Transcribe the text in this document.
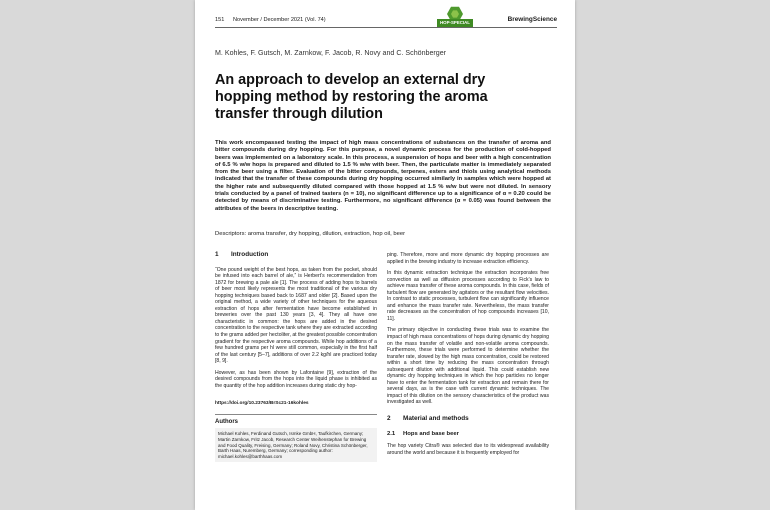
151 November / December 2021 (Vol. 74)	BrewingScience
HOP-SPECIAL
M. Kohles, F. Gutsch, M. Zarnkow, F. Jacob, R. Novy and C. Schönberger
An approach to develop an external dry hopping method by restoring the aroma transfer through dilution

This work encompassed testing the impact of high mass concentrations of substances on the transfer of aroma and bitter compounds during dry hopping. For this purpose, a novel dynamic process for the production of cold-hopped beers was implemented on a laboratory scale. In this process, a suspension of hops and beer with a high concentration of 6.5 % w/w hops is prepared and diluted to 1.5 % w/w with beer. Then, the particulate matter is immediately separated from the beer using a filter. Evaluation of the bitter compounds, terpenes, esters and thiols using analytical methods indicated that the transfer of these compounds during dry hopping occurred similarly in samples which were hopped at the higher rate and subsequently diluted compared with those hopped at 1.5 % w/w but were not diluted. In sensory trials conducted by a panel of trained tasters (n = 10), no significant difference up to a significance of α = 0.20 could be detected by means of discriminative testing. Furthermore, no significant difference (α = 0.05) was found between the attributes of the beers in descriptive testing.

Descriptors: aroma transfer, dry hopping, dilution, extraction, hop oil, beer

1	Introduction

“One pound weight of the best hops, as taken from the pocket, should be infused into each barrel of ale,” is Herbert’s recommendation from 1872 for brewing a pale ale [1]. The process of adding hops to barrels of beer most likely represents the most traditional of the various dry hopping techniques based back to 1687 and older [2]. Based upon the original method, a wide variety of other techniques for the aqueous extraction of hops after fermentation have become established in breweries over the past 130 years [3, 4]. They all have one characteristic in common: the hops are added in the desired concentration to the respective tank where they are extracted according to the grams added per hectoliter, at the greatest possible concentration gradient for the respective aroma compounds. While hop additions of a few hundred grams per hl were still common, especially in the first half of the last century [5–7], additions of over 2.2 kg/hl are practiced today [8, 9].

However, as has been shown by Lafontaine [9], extraction of the desired compounds from the hops into the liquid phase is inhibited as the quantity of the hop addition increases during static dry hop-

https://doi.org/10.23763/BrSc21-16kohles
Authors

Michael Kohles, Ferdinand Gutsch, Ismke GmbH, Taufkirchen, Germany; Martin Zarnkow, Fritz Jacob, Research Center Weihenstephan for Brewing and Food Quality, Freising, Germany; Roland Novy, Christina Schönberger, Barth Haas, Nuremberg, Germany; corresponding author: michael.kohles@barthhaas.com

ping. Therefore, more and more dynamic dry hopping processes are applied in the brewing industry to increase extraction efficiency.

In this dynamic extraction technique the extraction incorporates free convection as well as diffusion processes according to Fick’s law to achieve mass transfer of these aroma compounds. In this case, fields of turbulent flow are generated by agitators or the resultant flow velocities. In contrast to static processes, turbulent flow can significantly influence and enhance the mass transfer rate. Nevertheless, the mass transfer rate decreases as the concentration of hop compounds increases [10, 11].

The primary objective in conducting these trials was to examine the impact of high mass concentrations of hops during dynamic dry hopping on the mass transfer of volatile and non-volatile aroma compounds. Furthermore, these trials were performed to determine whether the transfer rate, slowed by the high mass concentration, could be restored within a short time by reducing the mass concentration through subsequent dilution with additional liquid. This could establish new dynamic dry hopping techniques in which the hop particles no longer have to enter the fermentation tank for extraction and remain there for several days, as is the case with current dynamic techniques. The impact of this dilution on the sensory characteristics of the product was investigated as well.

2	Material and methods
2.1	Hops and base beer

The hop variety Citra® was selected due to its widespread availability around the world and because it is frequently employed for
